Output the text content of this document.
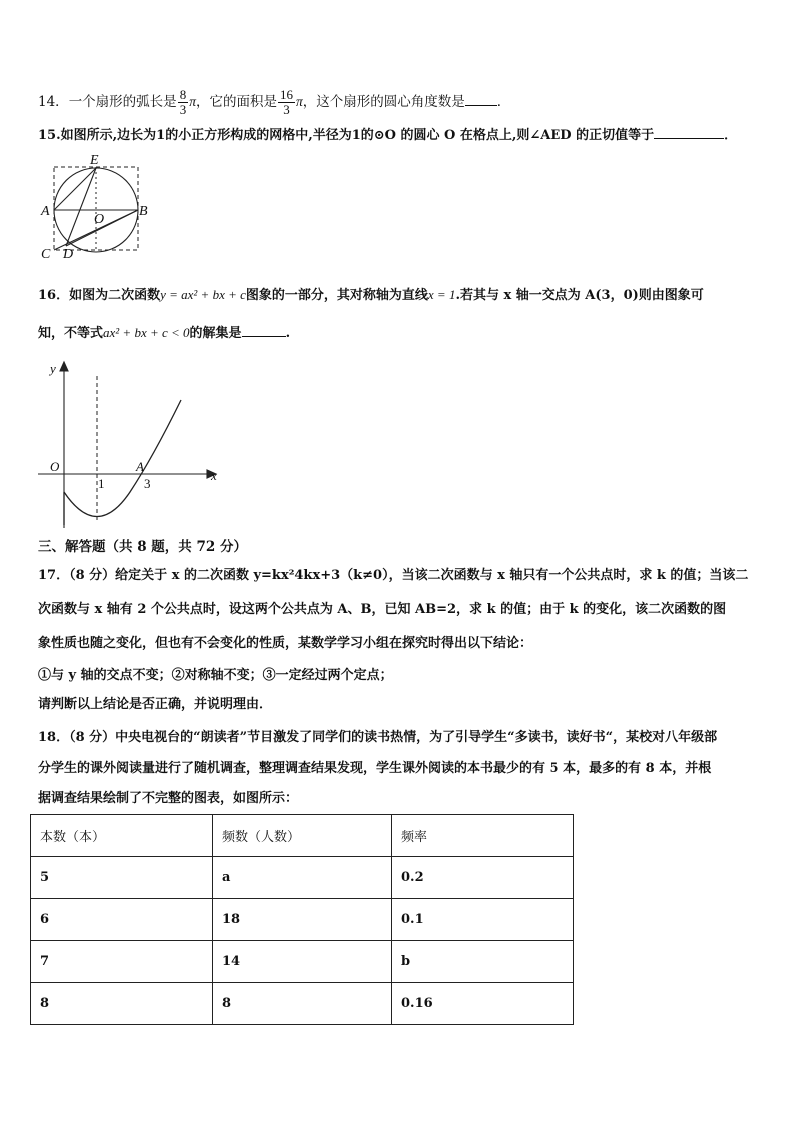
14．一个扇形的弧长是 $\frac{8}{3}$ π，它的面积是 $\frac{16}{3}$ π，这个扇形的圆心角度数是 ．
15.如图所示,边长为1的小正方形构成的网格中,半径为1的⊙O 的圆心 O 在格点上,则∠AED 的正切值等于	．
E
A	B
O
C D
16．如图为二次函数y = ax² + bx + c图象的一部分，其对称轴为直线x = 1.若其与 x 轴一交点为 A(3，0)则由图象可
知，不等式ax² + bx + c < 0的解集是	.
y
x
O	A
1	3
三、解答题（共 8 题，共 72 分）
17．（8 分）给定关于 x 的二次函数 y=kx²4kx+3（k≠0），当该二次函数与 x 轴只有一个公共点时，求 k 的值；当该二
次函数与 x 轴有 2 个公共点时，设这两个公共点为 A、B，已知 AB=2，求 k 的值；由于 k 的变化，该二次函数的图
象性质也随之变化，但也有不会变化的性质，某数学学习小组在探究时得出以下结论：
①与 y 轴的交点不变；②对称轴不变；③一定经过两个定点；
请判断以上结论是否正确，并说明理由．
18．（8 分）中央电视台的“朗读者”节目激发了同学们的读书热情，为了引导学生“多读书，读好书“，某校对八年级部
分学生的课外阅读量进行了随机调查，整理调查结果发现，学生课外阅读的本书最少的有 5 本，最多的有 8 本，并根
据调查结果绘制了不完整的图表，如图所示：
本数（本）	频数（人数）	频率
5	a	0.2
6	18	0.1
7	14	b
8	8	0.16
